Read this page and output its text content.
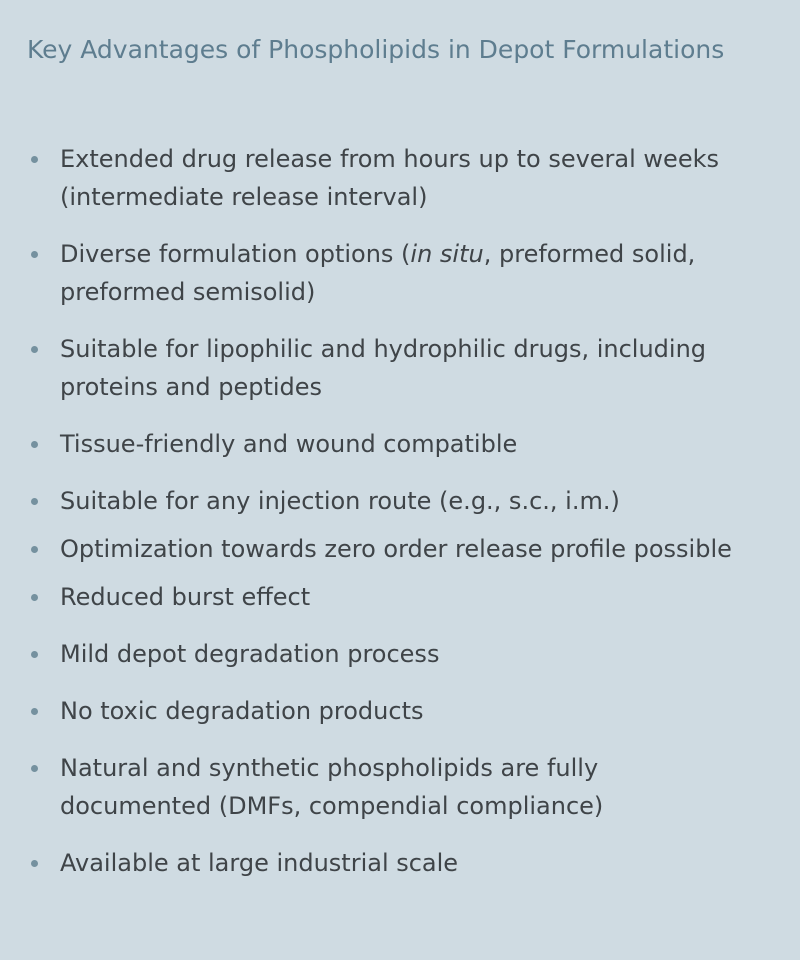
Key Advantages of Phospholipids in Depot Formulations
Extended drug release from hours up to several weeks
(intermediate release interval)
Diverse formulation options (in situ, preformed solid,
preformed semisolid)
Suitable for lipophilic and hydrophilic drugs, including
proteins and peptides
Tissue-friendly and wound compatible
Suitable for any injection route (e.g., s.c., i.m.)
Optimization towards zero order release profile possible
Reduced burst effect
Mild depot degradation process
No toxic degradation products
Natural and synthetic phospholipids are fully
documented (DMFs, compendial compliance)
Available at large industrial scale
